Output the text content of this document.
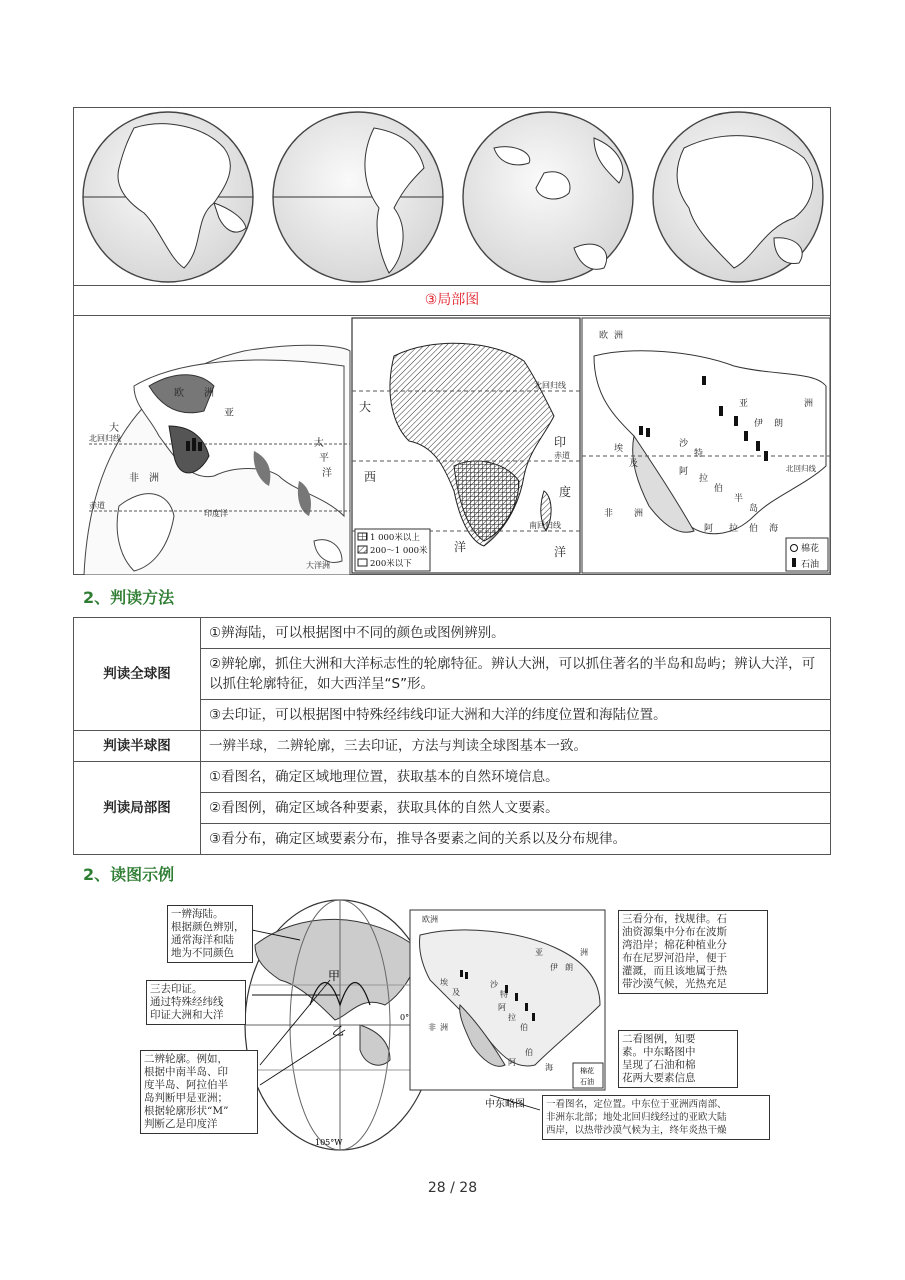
③局部图
大
欧
亚
洲
北回归线
非 洲
赤道
印度洋
太
平
洋
大洋洲
大
西
洋
印
度
洋
北回归线
赤道
南回归线
1 000米以上
200～1 000米
200米以下
欧 洲
亚	洲
伊 朗
埃
及
沙
特
阿
拉
伯
半
岛
阿 拉 伯 海
非 洲
北回归线
棉花
石油
2、判读方法
判读全球图	①辨海陆，可以根据图中不同的颜色或图例辨别。
	②辨轮廓，抓住大洲和大洋标志性的轮廓特征。辨认大洲，可以抓住著名的半岛和岛屿；辨认大洋，可以抓住轮廓特征，如大西洋呈“S”形。
	③去印证，可以根据图中特殊经纬线印证大洲和大洋的纬度位置和海陆位置。
判读半球图	一辨半球，二辨轮廓，三去印证，方法与判读全球图基本一致。
判读局部图	①看图名，确定区域地理位置，获取基本的自然环境信息。
	②看图例，确定区域各种要素，获取具体的自然人文要素。
	③看分布，确定区域要素分布，推导各要素之间的关系以及分布规律。
2、读图示例
甲
乙
105°W
0°
欧洲
亚	洲
伊 朗
埃
及
沙
特
阿
拉
伯
非 洲
阿
伯
海	棉花
石油
中东略图
一辨海陆。
根据颜色辨别，
通常海洋和陆
地为不同颜色
三去印证。
通过特殊经纬线
印证大洲和大洋
二辨轮廓。例如，
根据中南半岛、印
度半岛、阿拉伯半
岛判断甲是亚洲；
根据轮廓形状“M”
判断乙是印度洋
三看分布，找规律。石
油资源集中分布在波斯
湾沿岸；棉花种植业分
布在尼罗河沿岸，便于
灌溉，而且该地属于热
带沙漠气候，光热充足
二看图例，知要
素。中东略图中
呈现了石油和棉
花两大要素信息
一看图名，定位置。中东位于亚洲西南部、
非洲东北部；地处北回归线经过的亚欧大陆
西岸，以热带沙漠气候为主，终年炎热干燥
28 / 28
